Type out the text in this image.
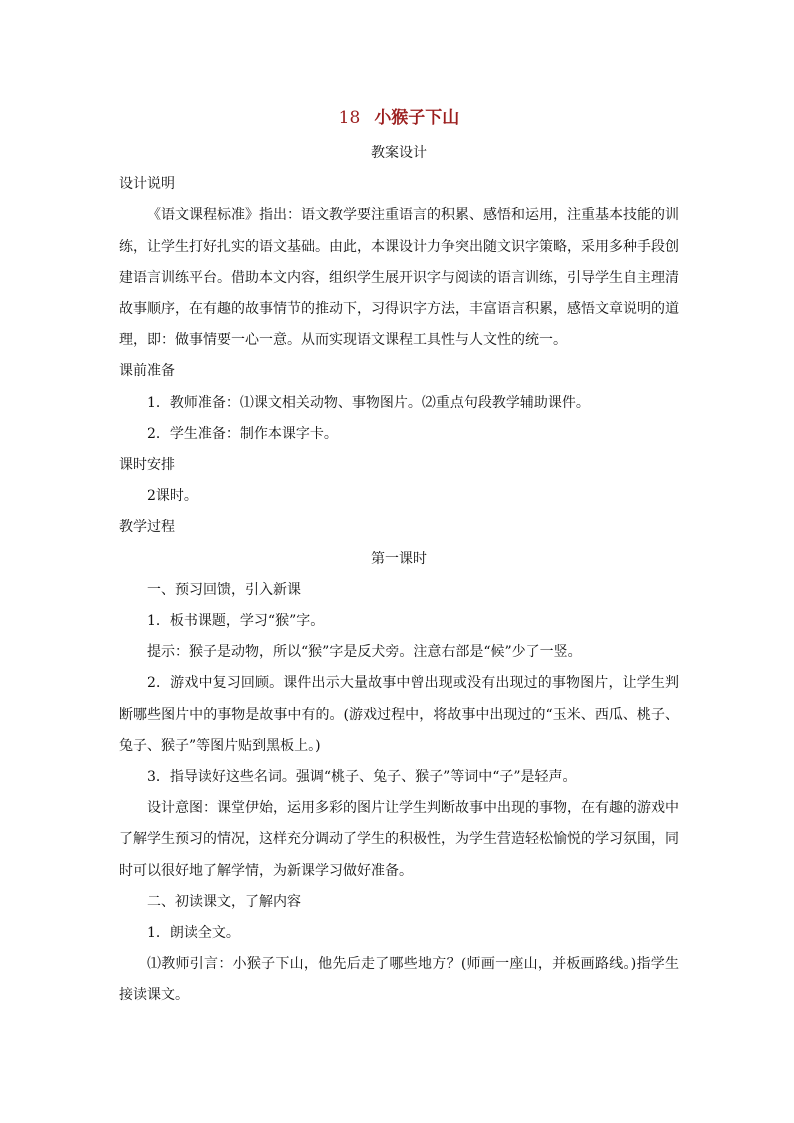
18 小猴子下山
教案设计
设计说明

《语文课程标准》指出：语文教学要注重语言的积累、感悟和运用，注重基本技能的训练，让学生打好扎实的语文基础。由此，本课设计力争突出随文识字策略，采用多种手段创建语言训练平台。借助本文内容，组织学生展开识字与阅读的语言训练，引导学生自主理清故事顺序，在有趣的故事情节的推动下，习得识字方法，丰富语言积累，感悟文章说明的道理，即：做事情要一心一意。从而实现语文课程工具性与人文性的统一。

课前准备

1．教师准备：⑴课文相关动物、事物图片。⑵重点句段教学辅助课件。

2．学生准备：制作本课字卡。

课时安排

2课时。

教学过程

第一课时

一、预习回馈，引入新课

1．板书课题，学习“猴”字。

提示：猴子是动物，所以“猴”字是反犬旁。注意右部是“候”少了一竖。

2．游戏中复习回顾。课件出示大量故事中曾出现或没有出现过的事物图片，让学生判断哪些图片中的事物是故事中有的。(游戏过程中，将故事中出现过的“玉米、西瓜、桃子、兔子、猴子”等图片贴到黑板上。)

3．指导读好这些名词。强调“桃子、兔子、猴子”等词中“子”是轻声。

设计意图：课堂伊始，运用多彩的图片让学生判断故事中出现的事物，在有趣的游戏中了解学生预习的情况，这样充分调动了学生的积极性，为学生营造轻松愉悦的学习氛围，同时可以很好地了解学情，为新课学习做好准备。

二、初读课文，了解内容

1．朗读全文。

⑴教师引言：小猴子下山，他先后走了哪些地方？(师画一座山，并板画路线。)指学生接读课文。
